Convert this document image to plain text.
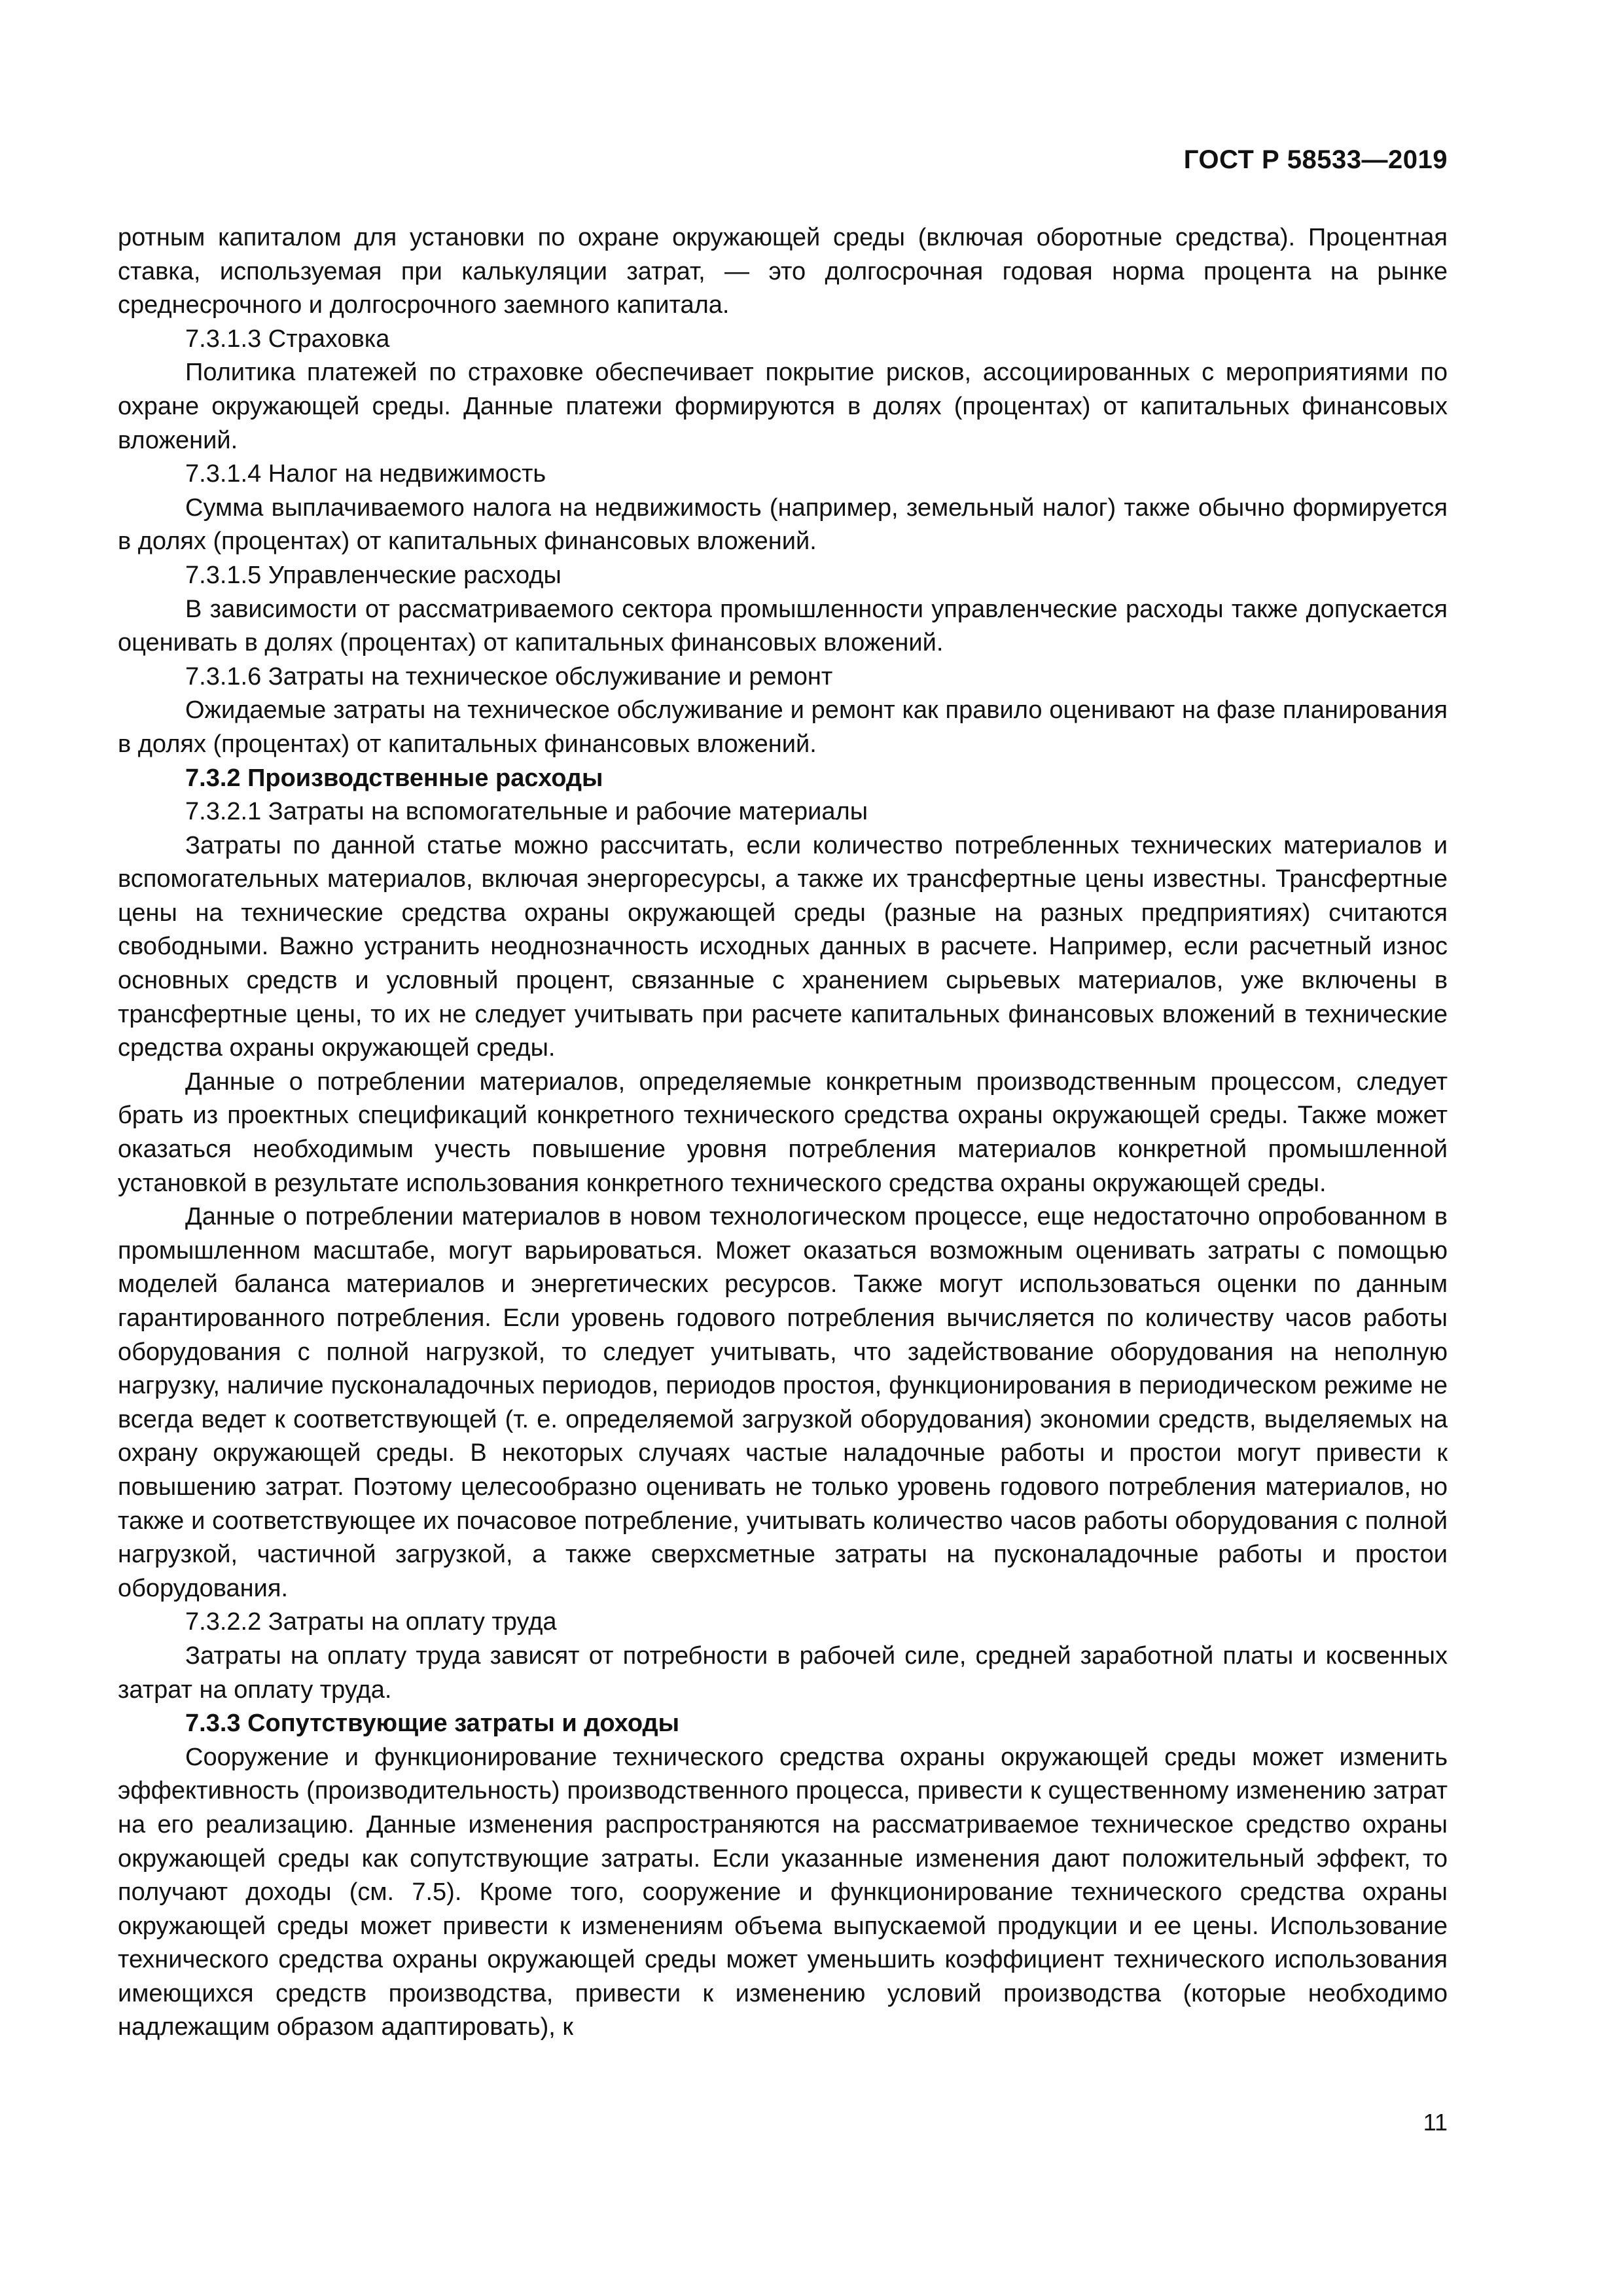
ГОСТ Р 58533—2019

ротным капиталом для установки по охране окружающей среды (включая оборотные средства). Процентная ставка, используемая при калькуляции затрат, — это долгосрочная годовая норма процента на рынке среднесрочного и долгосрочного заемного капитала.

7.3.1.3 Страховка

Политика платежей по страховке обеспечивает покрытие рисков, ассоциированных с мероприятиями по охране окружающей среды. Данные платежи формируются в долях (процентах) от капитальных финансовых вложений.

7.3.1.4 Налог на недвижимость

Сумма выплачиваемого налога на недвижимость (например, земельный налог) также обычно формируется в долях (процентах) от капитальных финансовых вложений.

7.3.1.5 Управленческие расходы

В зависимости от рассматриваемого сектора промышленности управленческие расходы также допускается оценивать в долях (процентах) от капитальных финансовых вложений.

7.3.1.6 Затраты на техническое обслуживание и ремонт

Ожидаемые затраты на техническое обслуживание и ремонт как правило оценивают на фазе планирования в долях (процентах) от капитальных финансовых вложений.

7.3.2 Производственные расходы

7.3.2.1 Затраты на вспомогательные и рабочие материалы

Затраты по данной статье можно рассчитать, если количество потребленных технических материалов и вспомогательных материалов, включая энергоресурсы, а также их трансфертные цены известны. Трансфертные цены на технические средства охраны окружающей среды (разные на разных предприятиях) считаются свободными. Важно устранить неоднозначность исходных данных в расчете. Например, если расчетный износ основных средств и условный процент, связанные с хранением сырьевых материалов, уже включены в трансфертные цены, то их не следует учитывать при расчете капитальных финансовых вложений в технические средства охраны окружающей среды.

Данные о потреблении материалов, определяемые конкретным производственным процессом, следует брать из проектных спецификаций конкретного технического средства охраны окружающей среды. Также может оказаться необходимым учесть повышение уровня потребления материалов конкретной промышленной установкой в результате использования конкретного технического средства охраны окружающей среды.

Данные о потреблении материалов в новом технологическом процессе, еще недостаточно опробованном в промышленном масштабе, могут варьироваться. Может оказаться возможным оценивать затраты с помощью моделей баланса материалов и энергетических ресурсов. Также могут использоваться оценки по данным гарантированного потребления. Если уровень годового потребления вычисляется по количеству часов работы оборудования с полной нагрузкой, то следует учитывать, что задействование оборудования на неполную нагрузку, наличие пусконаладочных периодов, периодов простоя, функционирования в периодическом режиме не всегда ведет к соответствующей (т. е. определяемой загрузкой оборудования) экономии средств, выделяемых на охрану окружающей среды. В некоторых случаях частые наладочные работы и простои могут привести к повышению затрат. Поэтому целесообразно оценивать не только уровень годового потребления материалов, но также и соответствующее их почасовое потребление, учитывать количество часов работы оборудования с полной нагрузкой, частичной загрузкой, а также сверхсметные затраты на пусконаладочные работы и простои оборудования.

7.3.2.2 Затраты на оплату труда

Затраты на оплату труда зависят от потребности в рабочей силе, средней заработной платы и косвенных затрат на оплату труда.

7.3.3 Сопутствующие затраты и доходы

Сооружение и функционирование технического средства охраны окружающей среды может изменить эффективность (производительность) производственного процесса, привести к существенному изменению затрат на его реализацию. Данные изменения распространяются на рассматриваемое техническое средство охраны окружающей среды как сопутствующие затраты. Если указанные изменения дают положительный эффект, то получают доходы (см. 7.5). Кроме того, сооружение и функционирование технического средства охраны окружающей среды может привести к изменениям объема выпускаемой продукции и ее цены. Использование технического средства охраны окружающей среды может уменьшить коэффициент технического использования имеющихся средств производства, привести к изменению условий производства (которые необходимо надлежащим образом адаптировать), к

11
